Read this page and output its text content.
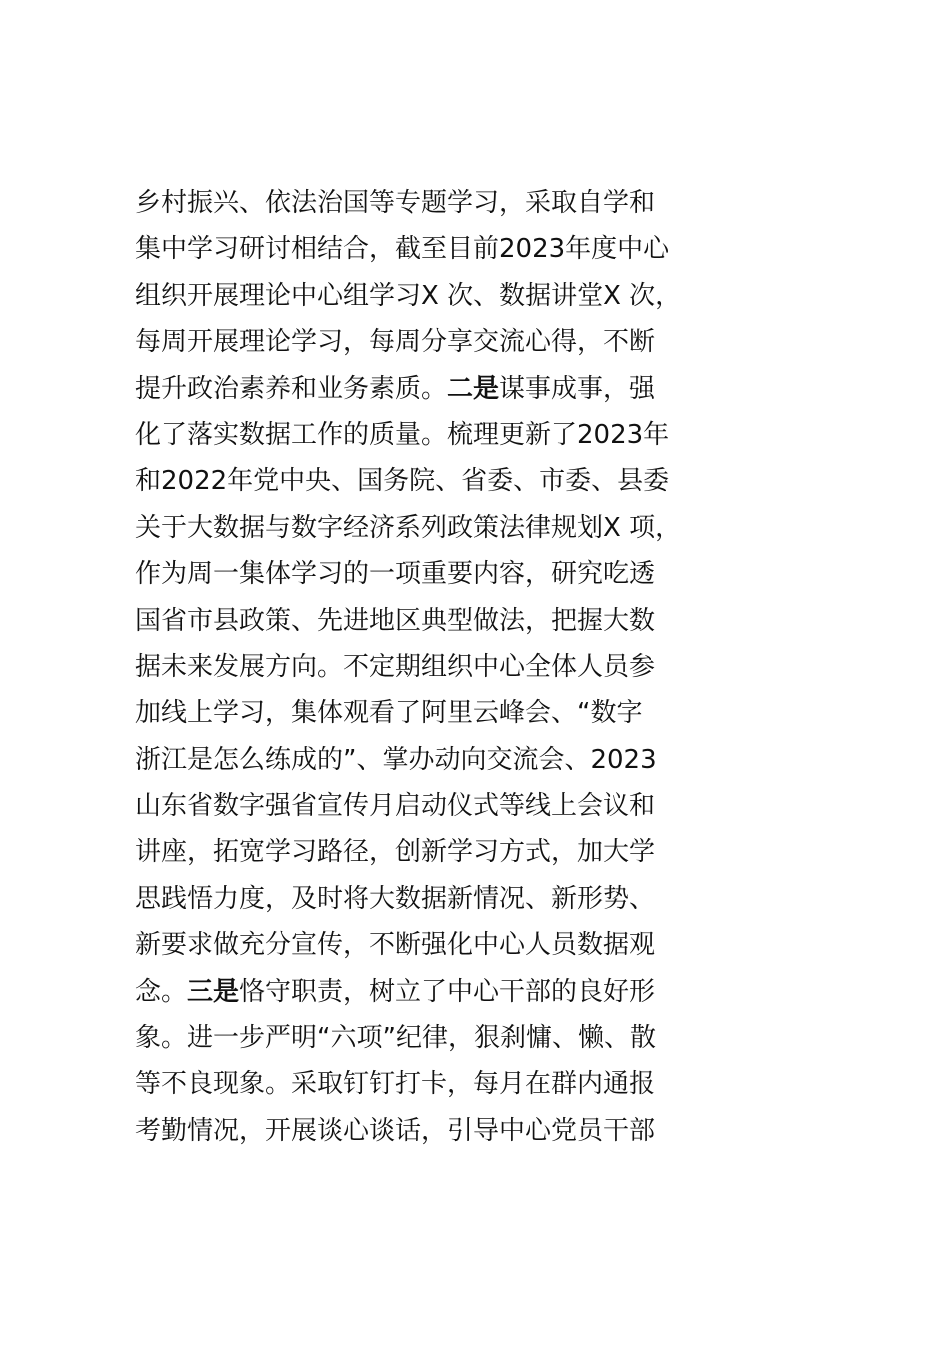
乡村振兴、依法治国等专题学习，采取自学和
集中学习研讨相结合，截至目前2023年度中心
组织开展理论中心组学习X 次、数据讲堂X 次，
每周开展理论学习，每周分享交流心得，不断
提升政治素养和业务素质。二是谋事成事，强
化了落实数据工作的质量。梳理更新了2023年
和2022年党中央、国务院、省委、市委、县委
关于大数据与数字经济系列政策法律规划X 项，
作为周一集体学习的一项重要内容，研究吃透
国省市县政策、先进地区典型做法，把握大数
据未来发展方向。不定期组织中心全体人员参
加线上学习，集体观看了阿里云峰会、“数字
浙江是怎么练成的”、掌办动向交流会、2023
山东省数字强省宣传月启动仪式等线上会议和
讲座，拓宽学习路径，创新学习方式，加大学
思践悟力度，及时将大数据新情况、新形势、
新要求做充分宣传，不断强化中心人员数据观
念。三是恪守职责，树立了中心干部的良好形
象。进一步严明“六项”纪律，狠刹慵、懒、散
等不良现象。采取钉钉打卡，每月在群内通报
考勤情况，开展谈心谈话，引导中心党员干部
